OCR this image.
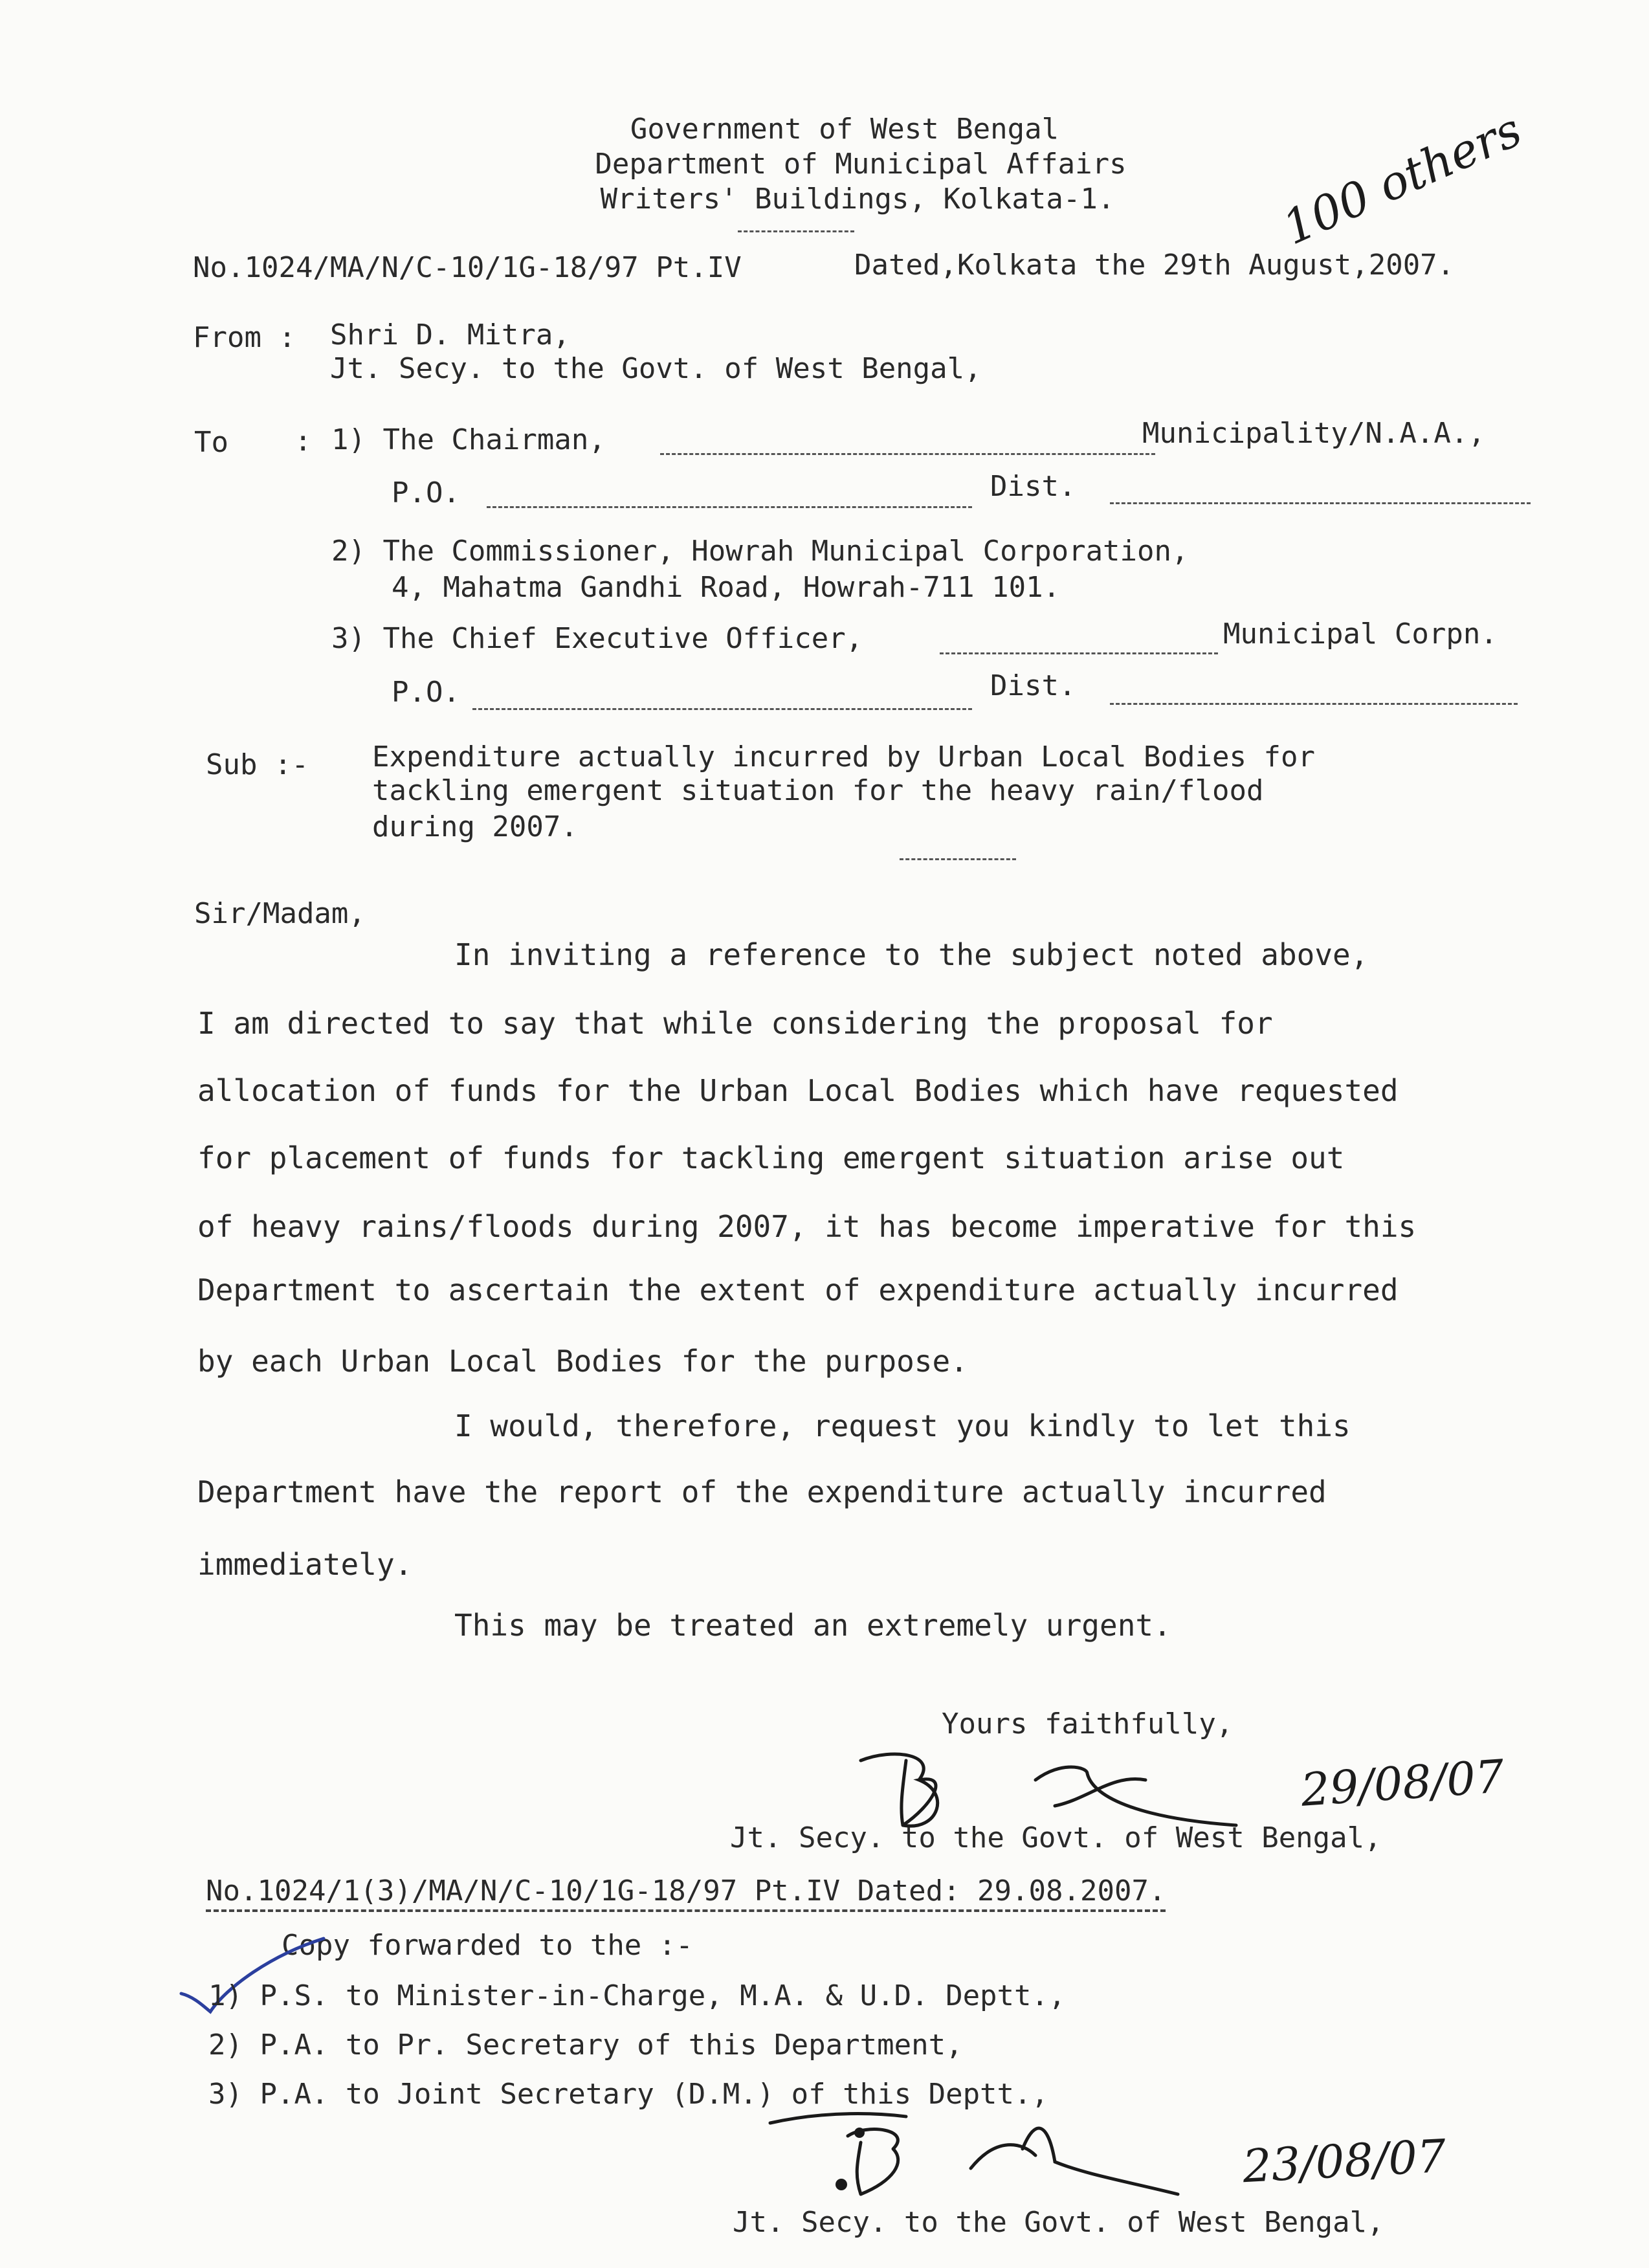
Government of West Bengal
Department of Municipal Affairs
Writers' Buildings, Kolkata-1.	100 others
No.1024/MA/N/C-10/1G-18/97 Pt.IV	Dated,Kolkata the 29th August,2007.
From : Shri D. Mitra,
Jt. Secy. to the Govt. of West Bengal,
To : 1) The Chairman,	Municipality/N.A.A.,
P.O.	Dist.
2) The Commissioner, Howrah Municipal Corporation,
4, Mahatma Gandhi Road, Howrah-711 101.
3) The Chief Executive Officer,	Municipal Corpn.
P.O.	Dist.
Sub :- Expenditure actually incurred by Urban Local Bodies for
tackling emergent situation for the heavy rain/flood
during 2007.
Sir/Madam,
In inviting a reference to the subject noted above,
I am directed to say that while considering the proposal for
allocation of funds for the Urban Local Bodies which have requested
for placement of funds for tackling emergent situation arise out
of heavy rains/floods during 2007, it has become imperative for this
Department to ascertain the extent of expenditure actually incurred
by each Urban Local Bodies for the purpose.
I would, therefore, request you kindly to let this
Department have the report of the expenditure actually incurred
immediately.
This may be treated an extremely urgent.
Yours faithfully,
29/08/07
Jt. Secy. to the Govt. of West Bengal,
No.1024/1(3)/MA/N/C-10/1G-18/97 Pt.IV Dated: 29.08.2007.
Copy forwarded to the :-
1) P.S. to Minister-in-Charge, M.A. & U.D. Deptt.,
2) P.A. to Pr. Secretary of this Department,
3) P.A. to Joint Secretary (D.M.) of this Deptt.,
23/08/07
Jt. Secy. to the Govt. of West Bengal,
